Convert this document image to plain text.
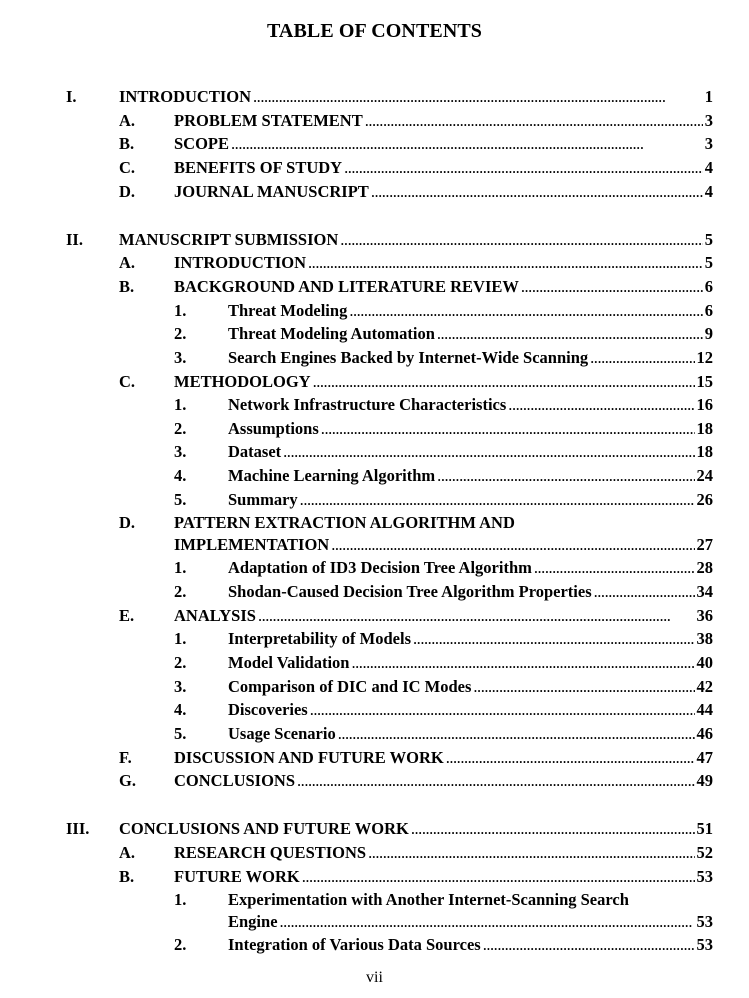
TABLE OF CONTENTS
I.	INTRODUCTION . . .	1
A. PROBLEM STATEMENT . . .	3
B. SCOPE . . .	3
C. BENEFITS OF STUDY . . .	4
D. JOURNAL MANUSCRIPT . . .	4
II. MANUSCRIPT SUBMISSION . . .	5
A. INTRODUCTION . . .	5
B. BACKGROUND AND LITERATURE REVIEW . . .	6
1.	Threat Modeling . . .	6
2.	Threat Modeling Automation . . .	9
3.	Search Engines Backed by Internet-Wide Scanning . . .	12
C. METHODOLOGY . . .	15
1.	Network Infrastructure Characteristics . . .	16
2.	Assumptions . . .	18
3.	Dataset . . .	18
4.	Machine Learning Algorithm . . .	24
5.	Summary . . .	26
D. PATTERN EXTRACTION ALGORITHM AND
IMPLEMENTATION . . .	27
1.	Adaptation of ID3 Decision Tree Algorithm . . .	28
2.	Shodan-Caused Decision Tree Algorithm Properties . . .	34
E. ANALYSIS . . .	36
1.	Interpretability of Models . . .	38
2.	Model Validation . . .	40
3.	Comparison of DIC and IC Modes . . .	42
4.	Discoveries . . .	44
5.	Usage Scenario . . .	46
F.	DISCUSSION AND FUTURE WORK . . .	47
G. CONCLUSIONS . . .	49
III. CONCLUSIONS AND FUTURE WORK . . .	51
A. RESEARCH QUESTIONS . . .	52
B. FUTURE WORK . . .	53
1.	Experimentation with Another Internet-Scanning Search
Engine . . .	53
2.	Integration of Various Data Sources . . .	53
vii
